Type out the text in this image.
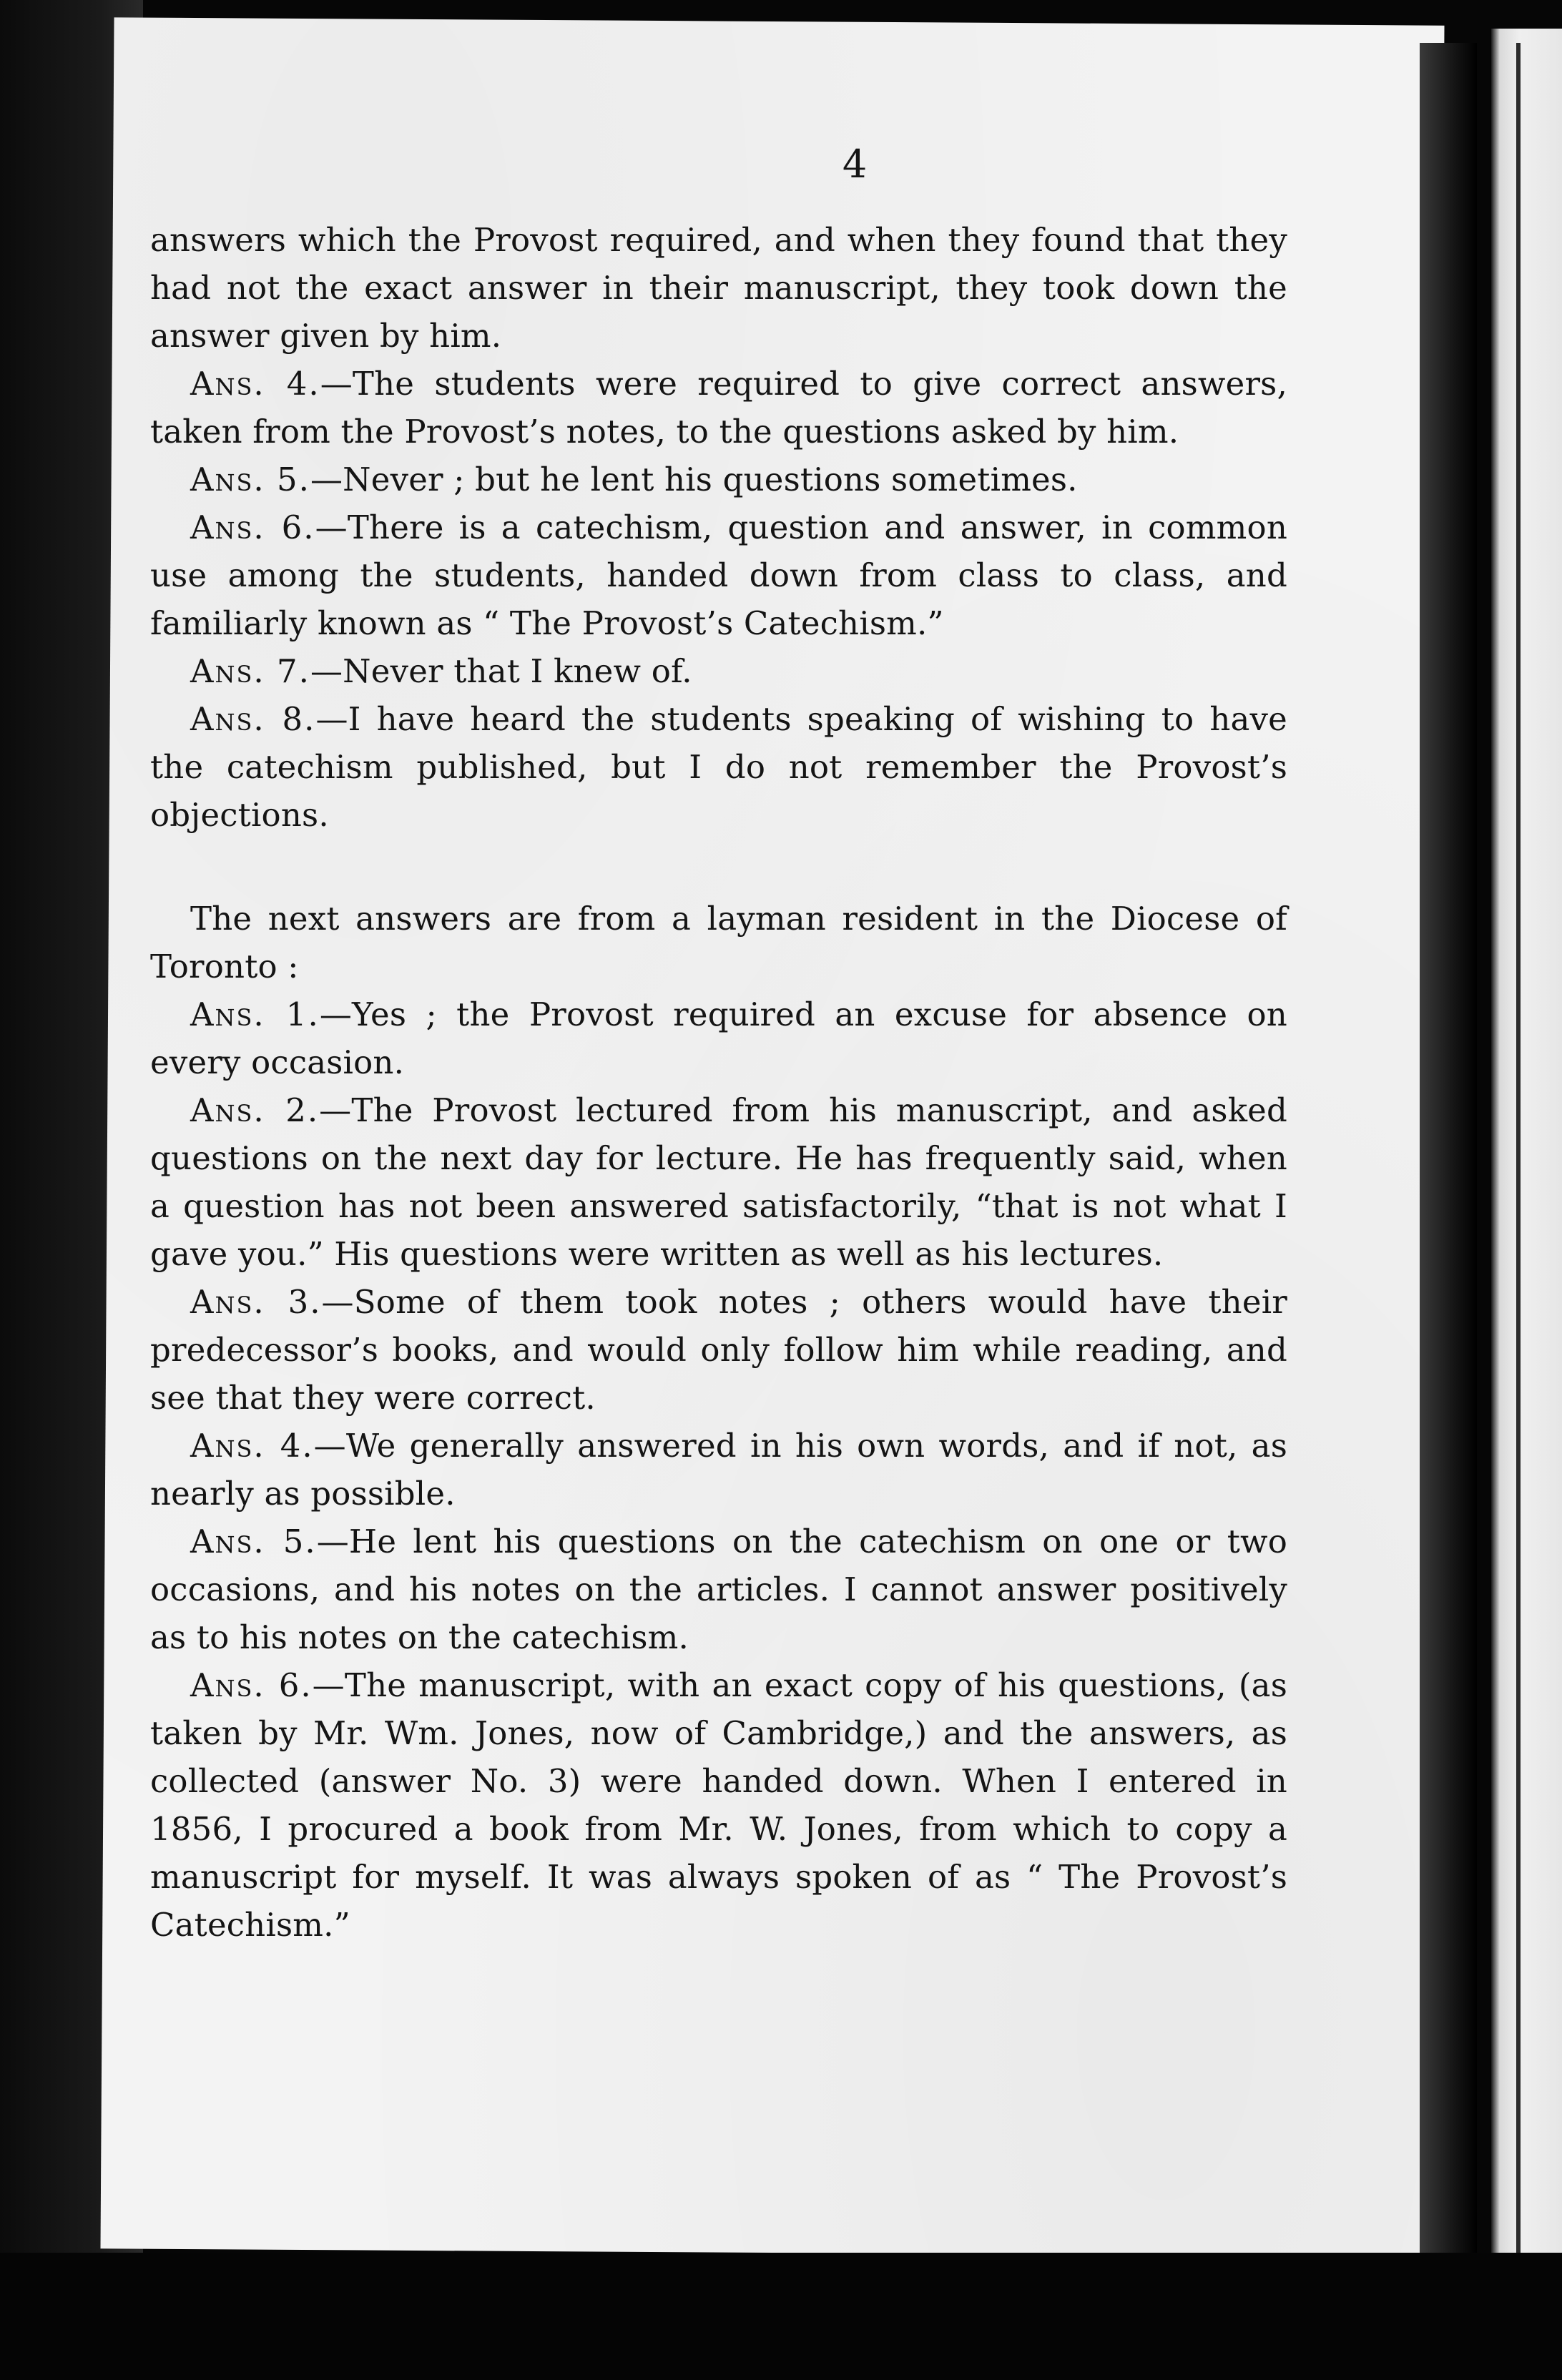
4

answers which the Provost required, and when they found that they had not the exact answer in their manuscript, they took down the answer given by him.

Ans. 4.—The students were required to give correct answers, taken from the Provost’s notes, to the questions asked by him.

Ans. 5.—Never ; but he lent his questions sometimes.

Ans. 6.—There is a catechism, question and answer, in common use among the students, handed down from class to class, and familiarly known as “ The Provost’s Catechism.”

Ans. 7.—Never that I knew of.

Ans. 8.—I have heard the students speaking of wishing to have the catechism published, but I do not remember the Provost’s objections.

The next answers are from a layman resident in the Diocese of Toronto :

Ans. 1.—Yes ; the Provost required an excuse for absence on every occasion.

Ans. 2.—The Provost lectured from his manuscript, and asked questions on the next day for lecture. He has frequently said, when a question has not been answered satisfactorily, “that is not what I gave you.” His questions were written as well as his lectures.

Ans. 3.—Some of them took notes ; others would have their predecessor’s books, and would only follow him while reading, and see that they were correct.

Ans. 4.—We generally answered in his own words, and if not, as nearly as possible.

Ans. 5.—He lent his questions on the catechism on one or two occasions, and his notes on the articles. I cannot answer positively as to his notes on the catechism.

Ans. 6.—The manuscript, with an exact copy of his questions, (as taken by Mr. Wm. Jones, now of Cambridge,) and the answers, as collected (answer No. 3) were handed down. When I entered in 1856, I procured a book from Mr. W. Jones, from which to copy a manuscript for myself. It was always spoken of as “ The Provost’s Catechism.”
